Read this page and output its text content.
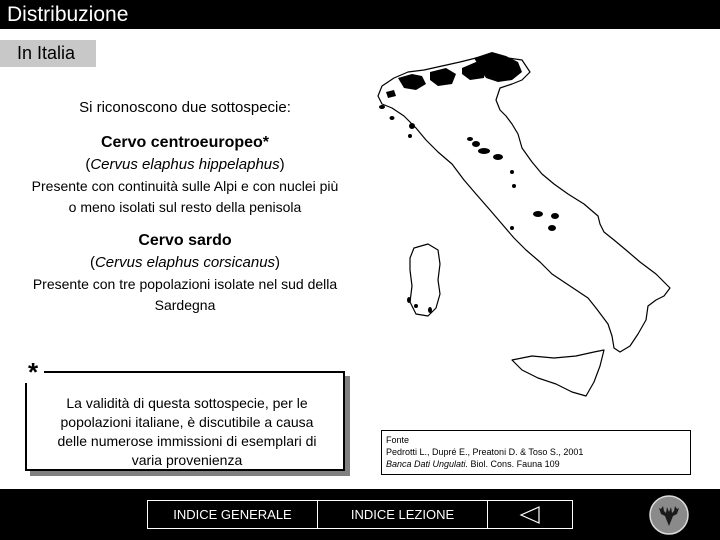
Distribuzione
In Italia
Si riconoscono due sottospecie:
Cervo centroeuropeo*
(Cervus elaphus hippelaphus)
Presente con continuità sulle Alpi e con nuclei più o meno isolati sul resto della penisola
Cervo sardo
(Cervus elaphus corsicanus)
Presente con tre popolazioni isolate nel sud della Sardegna
*
La validità di questa sottospecie, per le popolazioni italiane, è discutibile a causa delle numerose immissioni di esemplari di varia provenienza
Fonte
Pedrotti L., Dupré E., Preatoni D. & Toso S., 2001
Banca Dati Ungulati. Biol. Cons. Fauna 109
INDICE GENERALE	INDICE LEZIONE
